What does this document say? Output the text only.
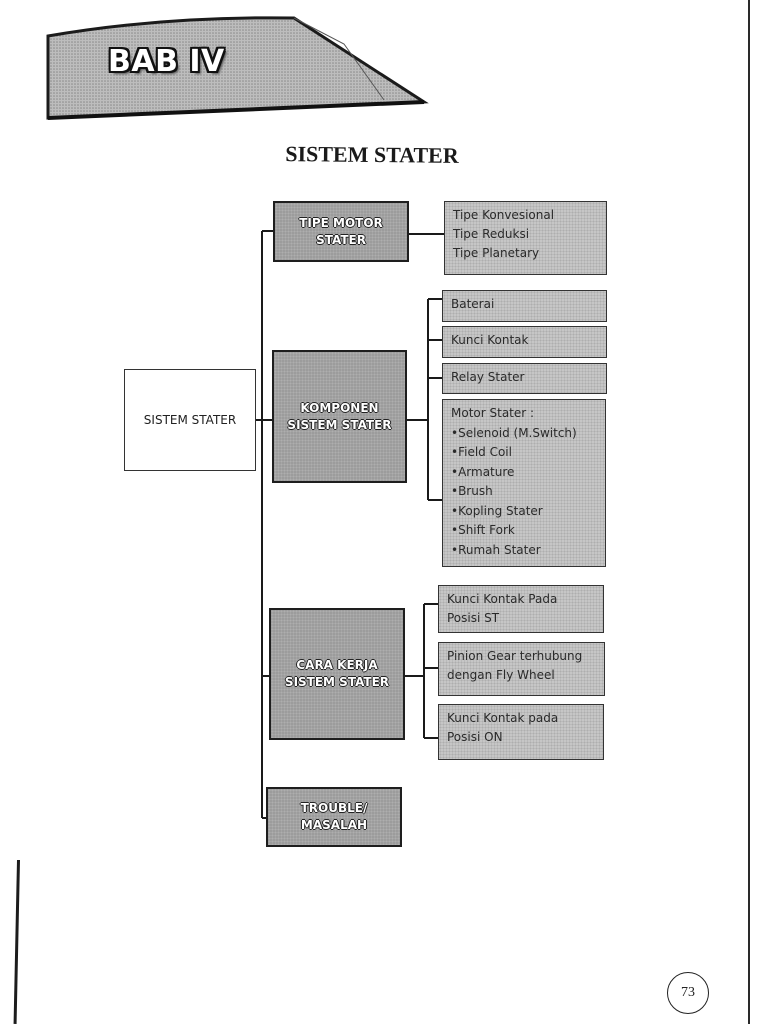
BAB IV
SISTEM STATER
SISTEM STATER
TIPE MOTOR
STATER
KOMPONEN
SISTEM STATER
CARA KERJA
SISTEM STATER
TROUBLE/
MASALAH
Tipe Konvesional
Tipe Reduksi
Tipe Planetary
Baterai
Kunci Kontak
Relay Stater
Motor Stater :
• Selenoid (M.Switch)
• Field Coil
• Armature
• Brush
• Kopling Stater
• Shift Fork
• Rumah Stater
Kunci Kontak Pada
Posisi ST
Pinion Gear terhubung
dengan Fly Wheel
Kunci Kontak pada
Posisi ON
73
